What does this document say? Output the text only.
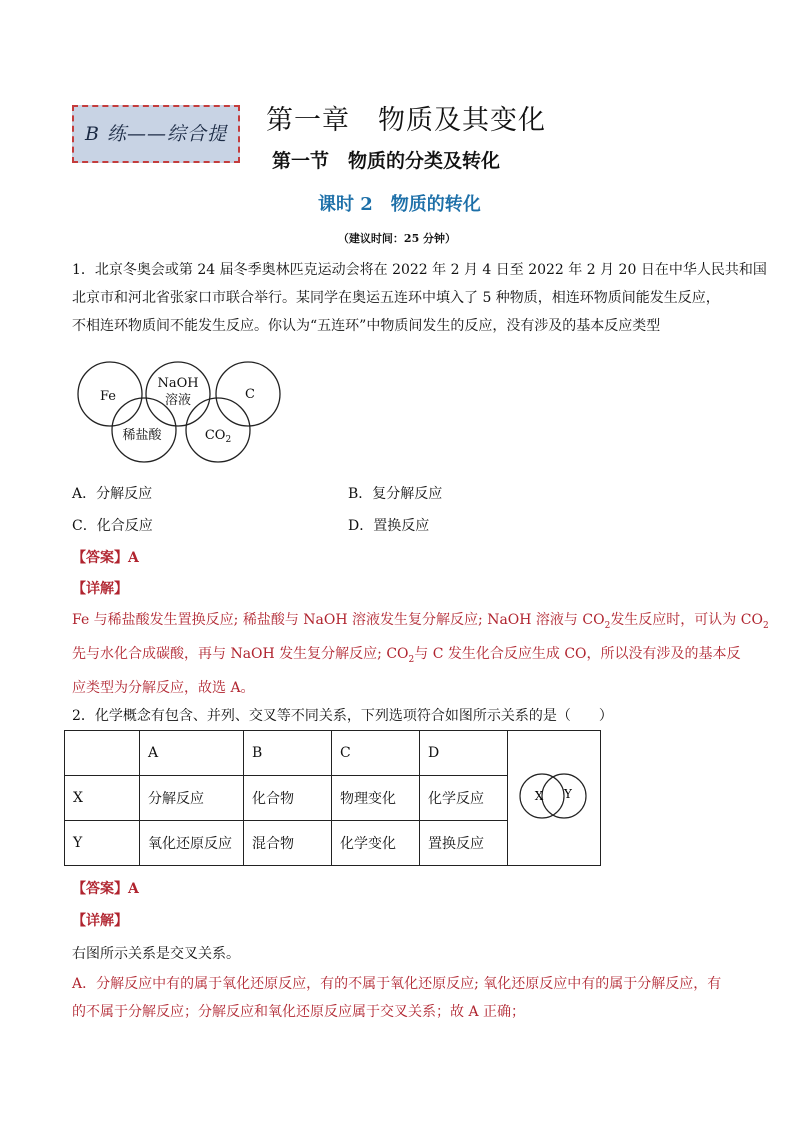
B 练——综合提	第一章　物质及其变化
第一节　物质的分类及转化
课时 2　物质的转化
（建议时间：25 分钟）
1．北京冬奥会或第 24 届冬季奥林匹克运动会将在 2022 年 2 月 4 日至 2022 年 2 月 20 日在中华人民共和国
北京市和河北省张家口市联合举行。某同学在奥运五连环中填入了 5 种物质，相连环物质间能发生反应，
不相连环物质间不能发生反应。你认为“五连环”中物质间发生的反应，没有涉及的基本反应类型
Fe
NaOH
溶液	C
稀盐酸	$CO_2$
A．分解反应	B．复分解反应
C．化合反应	D．置换反应
【答案】A
【详解】
Fe 与稀盐酸发生置换反应; 稀盐酸与 NaOH 溶液发生复分解反应; NaOH 溶液与 $CO_2$发生反应时，可认为 $CO_2$
先与水化合成碳酸，再与 NaOH 发生复分解反应; $CO_2$与 C 发生化合反应生成 CO，所以没有涉及的基本反
应类型为分解反应，故选 A。
2．化学概念有包含、并列、交叉等不同关系，下列选项符合如图所示关系的是（　　）
	A	B	C	D	X Y

X	分解反应	化合物	物理变化	化学反应	
Y	氧化还原反应	混合物	化学变化	置换反应	
【答案】A
【详解】
右图所示关系是交叉关系。
A．分解反应中有的属于氧化还原反应，有的不属于氧化还原反应; 氧化还原反应中有的属于分解反应，有
的不属于分解反应；分解反应和氧化还原反应属于交叉关系；故 A 正确；
